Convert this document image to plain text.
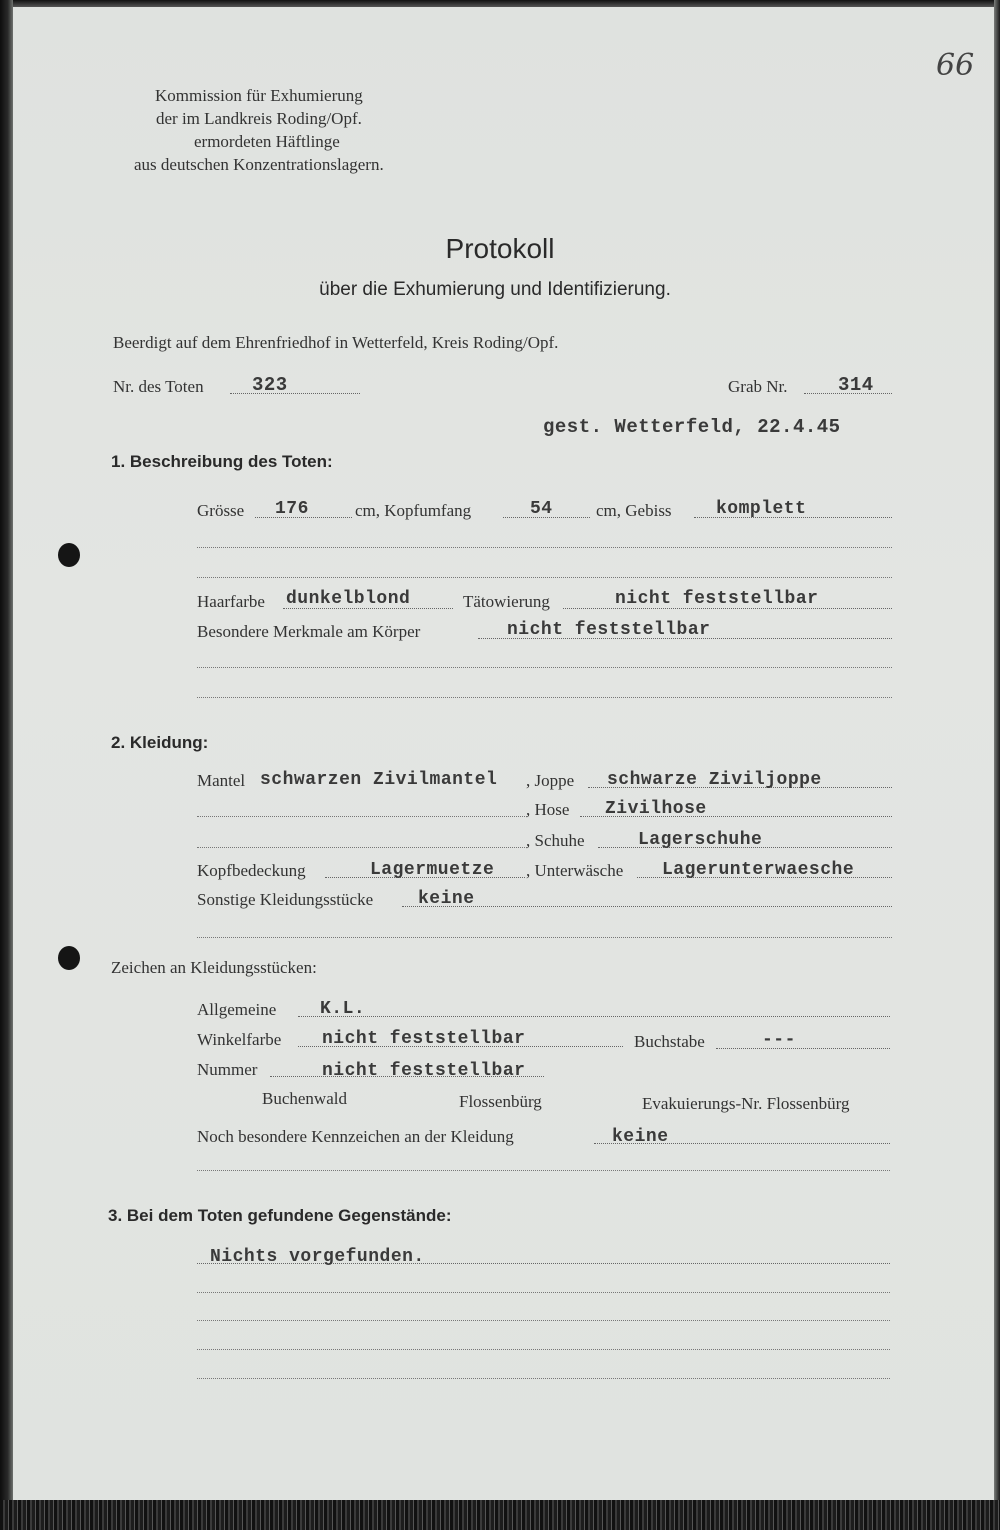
66
Kommission für Exhumierung
der im Landkreis Roding/Opf.
ermordeten Häftlinge
aus deutschen Konzentrationslagern.
Protokoll
über die Exhumierung und Identifizierung.
Beerdigt auf dem Ehrenfriedhof in Wetterfeld, Kreis Roding/Opf.
Nr. des Toten	323	Grab Nr.	314
gest. Wetterfeld, 22.4.45
1. Beschreibung des Toten:
Grösse 176	cm, Kopfumfang	54	cm, Gebiss komplett
Haarfarbe dunkelblond	Tätowierung	nicht feststellbar
Besondere Merkmale am Körper	nicht feststellbar
2. Kleidung:
Mantel schwarzen Zivilmantel , Joppe schwarze Ziviljoppe
, Hose Zivilhose
, Schuhe	Lagerschuhe
Kopfbedeckung	Lagermuetze , Unterwäsche Lagerunterwaesche
Sonstige Kleidungsstücke keine
Zeichen an Kleidungsstücken:
Allgemeine K.L.
Winkelfarbe nicht feststellbar	Buchstabe	---
Nummer	nicht feststellbar
Buchenwald	Flossenbürg	Evakuierungs-Nr. Flossenbürg
Noch besondere Kennzeichen an der Kleidung	keine
3. Bei dem Toten gefundene Gegenstände:
Nichts vorgefunden.
